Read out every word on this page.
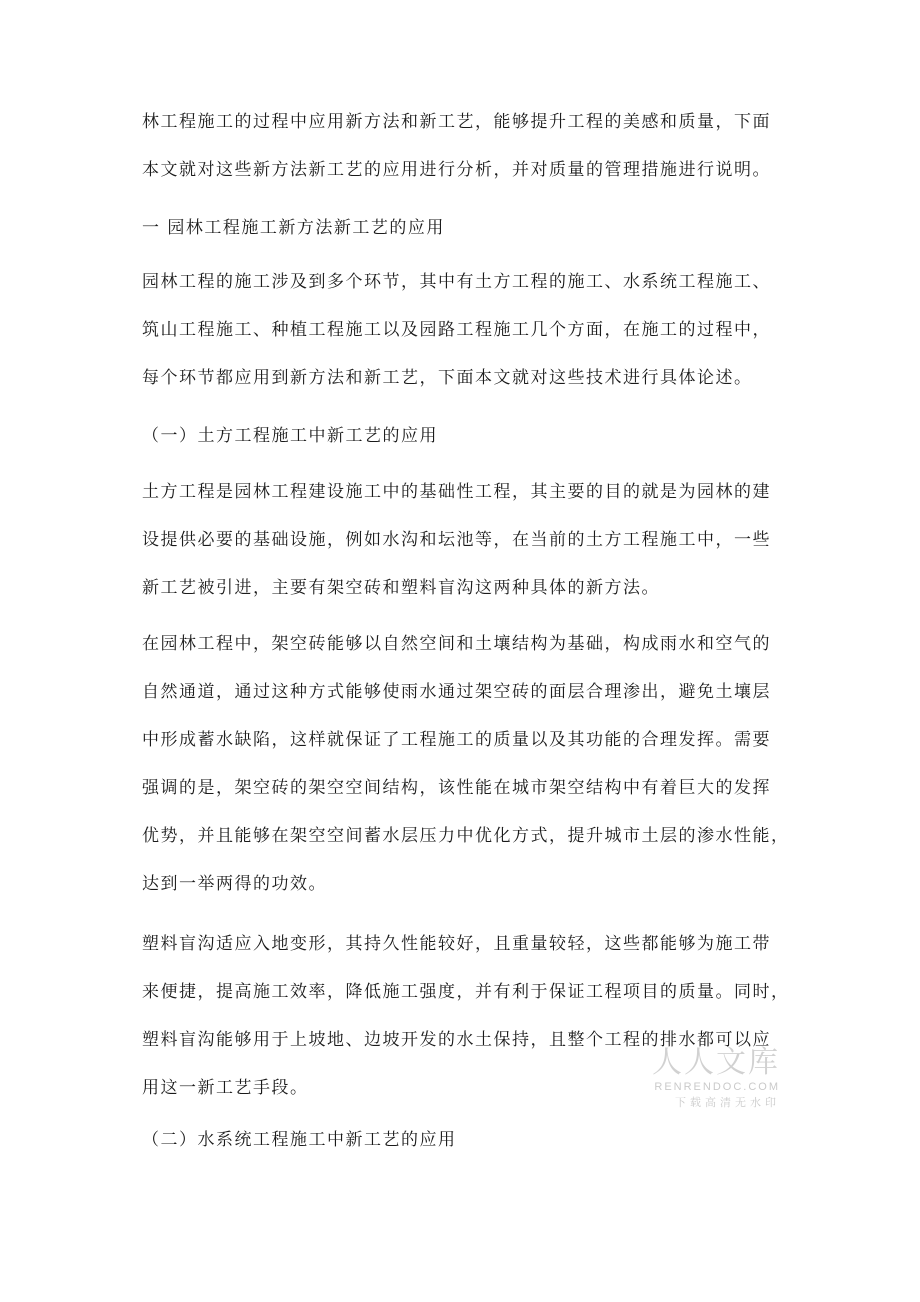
林工程施工的过程中应用新方法和新工艺，能够提升工程的美感和质量，下面
本文就对这些新方法新工艺的应用进行分析，并对质量的管理措施进行说明。
一 园林工程施工新方法新工艺的应用
园林工程的施工涉及到多个环节，其中有土方工程的施工、水系统工程施工、
筑山工程施工、种植工程施工以及园路工程施工几个方面，在施工的过程中，
每个环节都应用到新方法和新工艺，下面本文就对这些技术进行具体论述。
（一）土方工程施工中新工艺的应用
土方工程是园林工程建设施工中的基础性工程，其主要的目的就是为园林的建
设提供必要的基础设施，例如水沟和坛池等，在当前的土方工程施工中，一些
新工艺被引进，主要有架空砖和塑料盲沟这两种具体的新方法。
在园林工程中，架空砖能够以自然空间和土壤结构为基础，构成雨水和空气的
自然通道，通过这种方式能够使雨水通过架空砖的面层合理渗出，避免土壤层
中形成蓄水缺陷，这样就保证了工程施工的质量以及其功能的合理发挥。需要
强调的是，架空砖的架空空间结构，该性能在城市架空结构中有着巨大的发挥
优势，并且能够在架空空间蓄水层压力中优化方式，提升城市土层的渗水性能，
达到一举两得的功效。
塑料盲沟适应入地变形，其持久性能较好，且重量较轻，这些都能够为施工带
来便捷，提高施工效率，降低施工强度，并有利于保证工程项目的质量。同时，
塑料盲沟能够用于上坡地、边坡开发的水土保持，且整个工程的排水都可以应
用这一新工艺手段。
（二）水系统工程施工中新工艺的应用
人人文库
RENRENDOC.COM
下载高清无水印
